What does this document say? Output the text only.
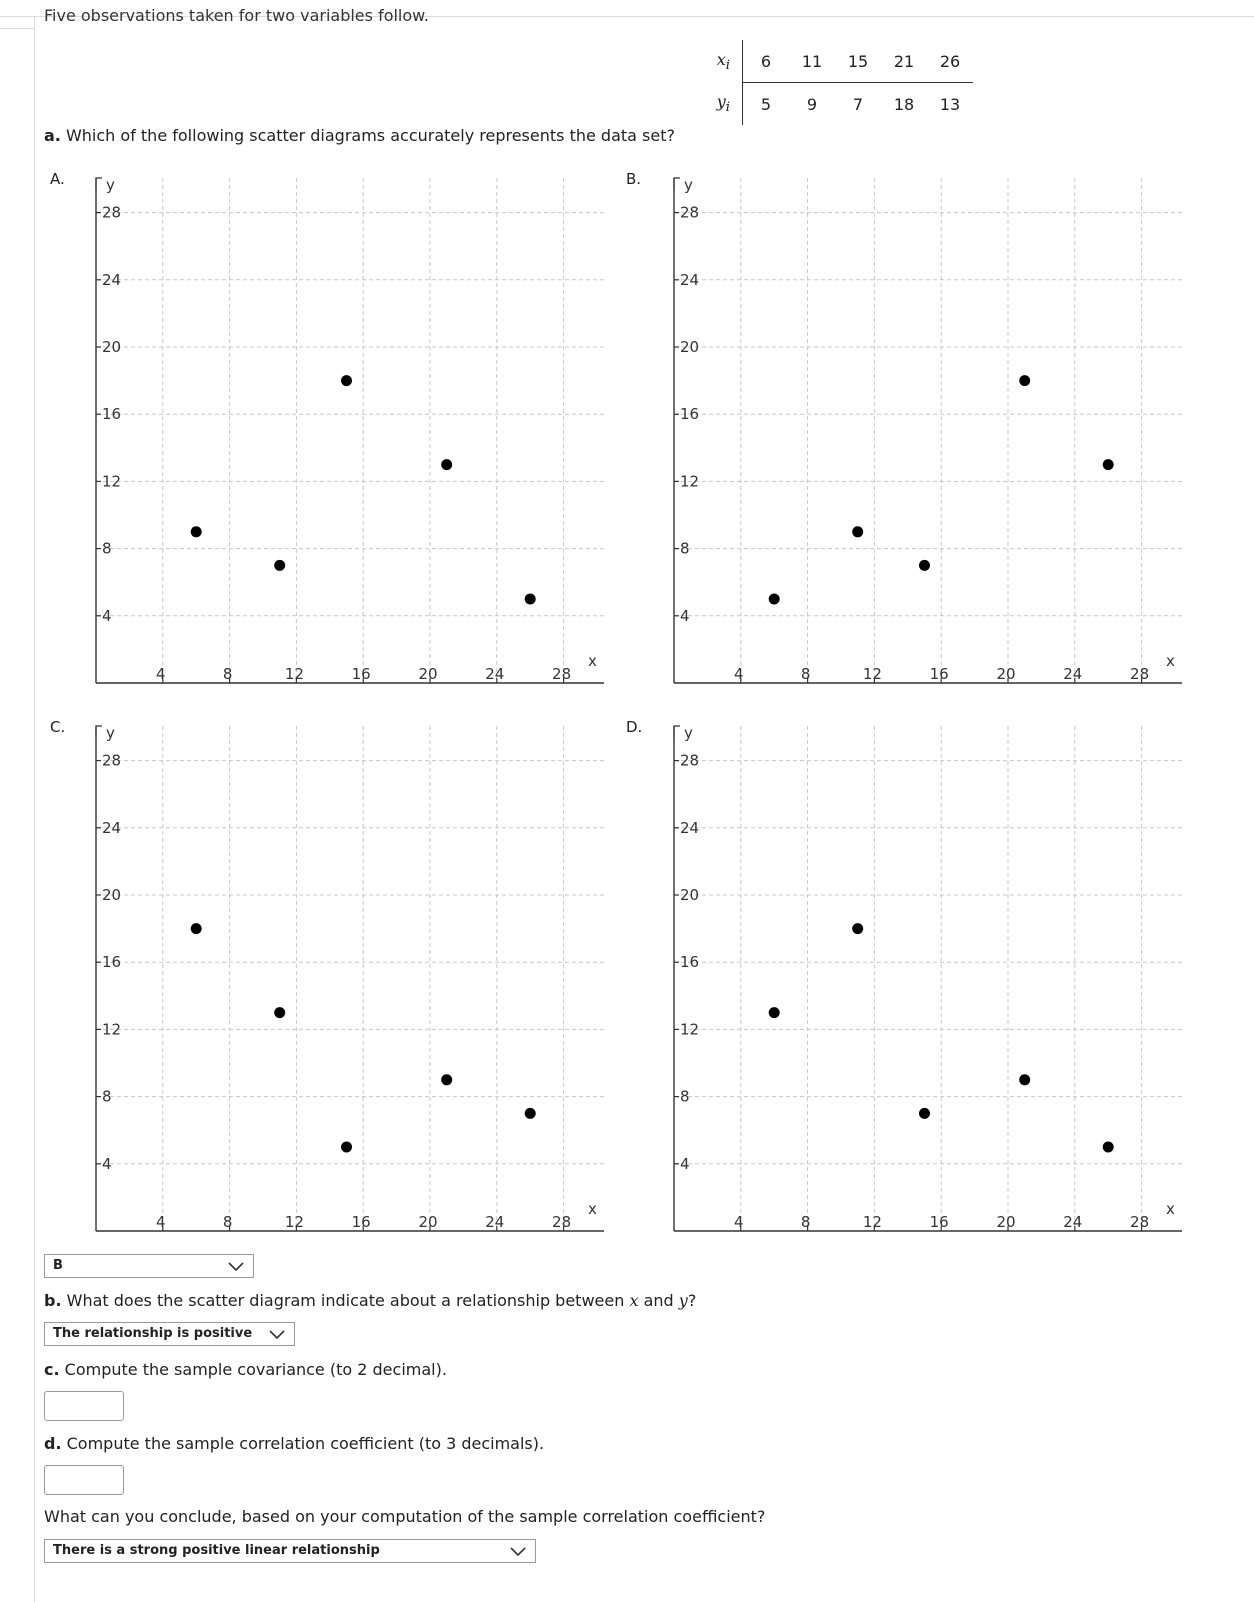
Five observations taken for two variables follow.
$x_i$	6	11	15	21	26
$y_i$	5	9	7	18	13
a. Which of the following scatter diagrams accurately represents the data set?
A.	B.
C.	D.
4
8
12
16
20
24
28
4	8	12	16	20	24	28
y
x
4
8
12
16
20
24
28
4	8	12	16	20	24	28
y
x
4
8
12
16
20
24
28
4	8	12	16	20	24	28
y
x
4
8
12
16
20
24
28
4	8	12	16	20	24	28
y
x
B
b. What does the scatter diagram indicate about a relationship between x and y?
The relationship is positive
c. Compute the sample covariance (to 2 decimal).
d. Compute the sample correlation coefficient (to 3 decimals).
What can you conclude, based on your computation of the sample correlation coefficient?
There is a strong positive linear relationship
